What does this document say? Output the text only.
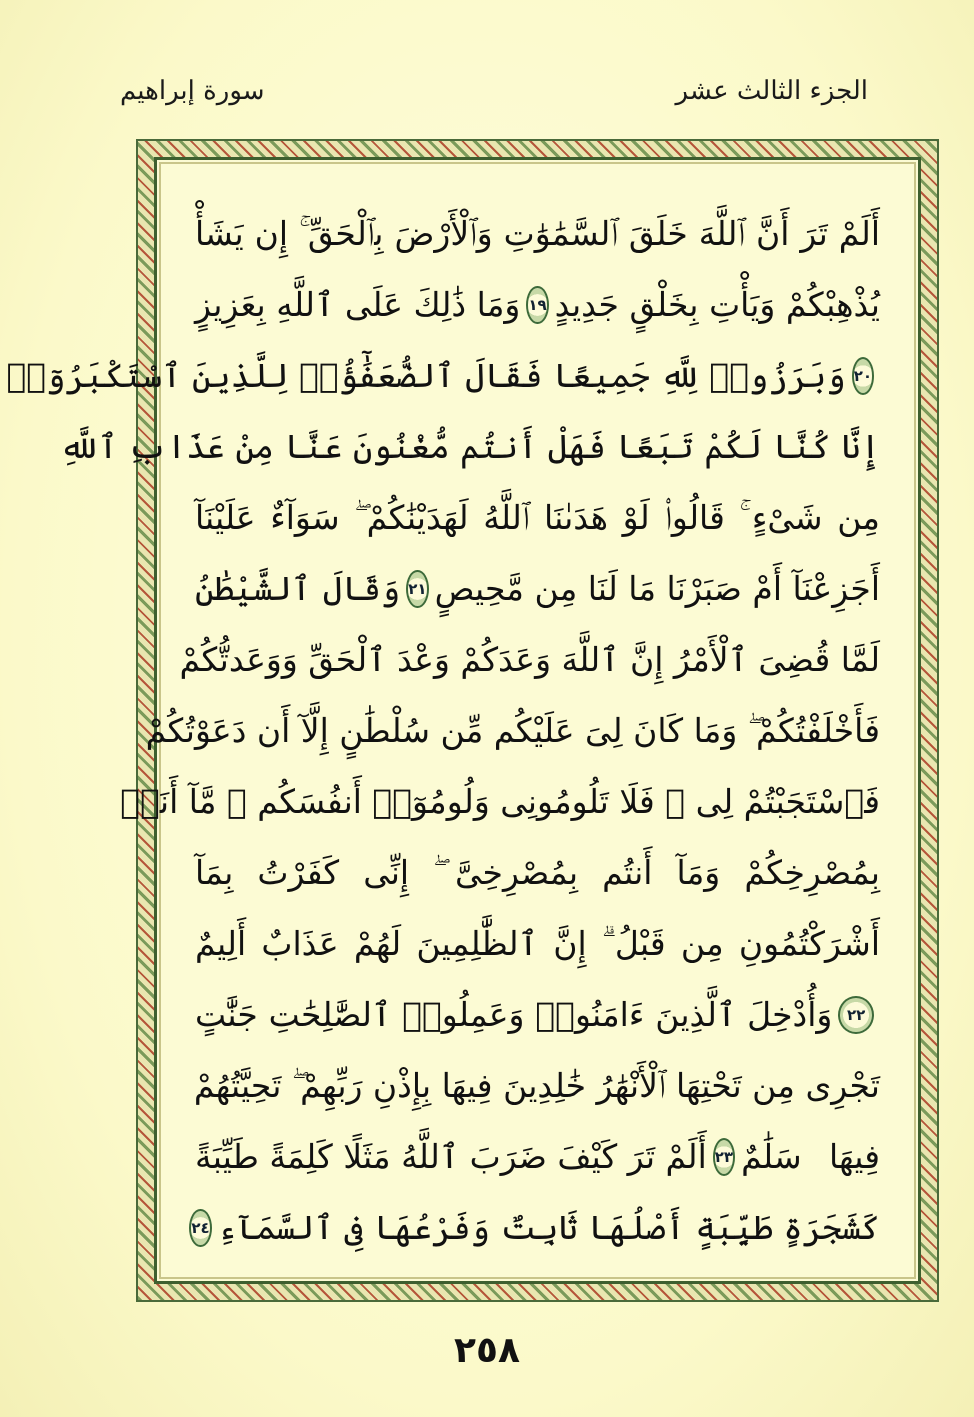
الجزء الثالث عشر
سورة إبراهيم
أَلَمْ تَرَ أَنَّ ٱللَّهَ خَلَقَ ٱلسَّمَٰوَٰتِ وَٱلْأَرْضَ بِٱلْحَقِّ ۚ إِن يَشَأْ
يُذْهِبْكُمْ وَيَأْتِ بِخَلْقٍ جَدِيدٍ
١٩
وَمَا ذَٰلِكَ عَلَى ٱللَّهِ بِعَزِيزٍ
٢٠
وَبَرَزُوا۟ لِلَّهِ جَمِيعًا فَقَالَ ٱلضُّعَفَٰٓؤُا۟ لِلَّذِينَ ٱسْتَكْبَرُوٓا۟
إِنَّا كُنَّا لَكُمْ تَبَعًا فَهَلْ أَنتُم مُّغْنُونَ عَنَّا مِنْ عَذَابِ ٱللَّهِ
مِن شَىْءٍ ۚ قَالُوا۟ لَوْ هَدَىٰنَا ٱللَّهُ لَهَدَيْنَٰكُمْ ۖ سَوَآءٌ عَلَيْنَآ
أَجَزِعْنَآ أَمْ صَبَرْنَا مَا لَنَا مِن مَّحِيصٍ
٢١
وَقَالَ ٱلشَّيْطَٰنُ
لَمَّا قُضِىَ ٱلْأَمْرُ إِنَّ ٱللَّهَ وَعَدَكُمْ وَعْدَ ٱلْحَقِّ وَوَعَدتُّكُمْ
فَأَخْلَفْتُكُمْ ۖ وَمَا كَانَ لِىَ عَلَيْكُم مِّن سُلْطَٰنٍ إِلَّآ أَن دَعَوْتُكُمْ
فَٱسْتَجَبْتُمْ لِى ۖ فَلَا تَلُومُونِى وَلُومُوٓا۟ أَنفُسَكُم ۖ مَّآ أَنَا۠
بِمُصْرِخِكُمْ وَمَآ أَنتُم بِمُصْرِخِىَّ ۖ إِنِّى كَفَرْتُ بِمَآ
أَشْرَكْتُمُونِ مِن قَبْلُ ۗ إِنَّ ٱلظَّٰلِمِينَ لَهُمْ عَذَابٌ أَلِيمٌ
٢٢
وَأُدْخِلَ ٱلَّذِينَ ءَامَنُوا۟ وَعَمِلُوا۟ ٱلصَّٰلِحَٰتِ جَنَّٰتٍ
تَجْرِى مِن تَحْتِهَا ٱلْأَنْهَٰرُ خَٰلِدِينَ فِيهَا بِإِذْنِ رَبِّهِمْ ۖ تَحِيَّتُهُمْ
فِيهَا سَلَٰمٌ
٢٣
أَلَمْ تَرَ كَيْفَ ضَرَبَ ٱللَّهُ مَثَلًا كَلِمَةً طَيِّبَةً
كَشَجَرَةٍ طَيِّبَةٍ أَصْلُهَا ثَابِتٌ وَفَرْعُهَا فِى ٱلسَّمَآءِ
٢٤
٢٥٨
